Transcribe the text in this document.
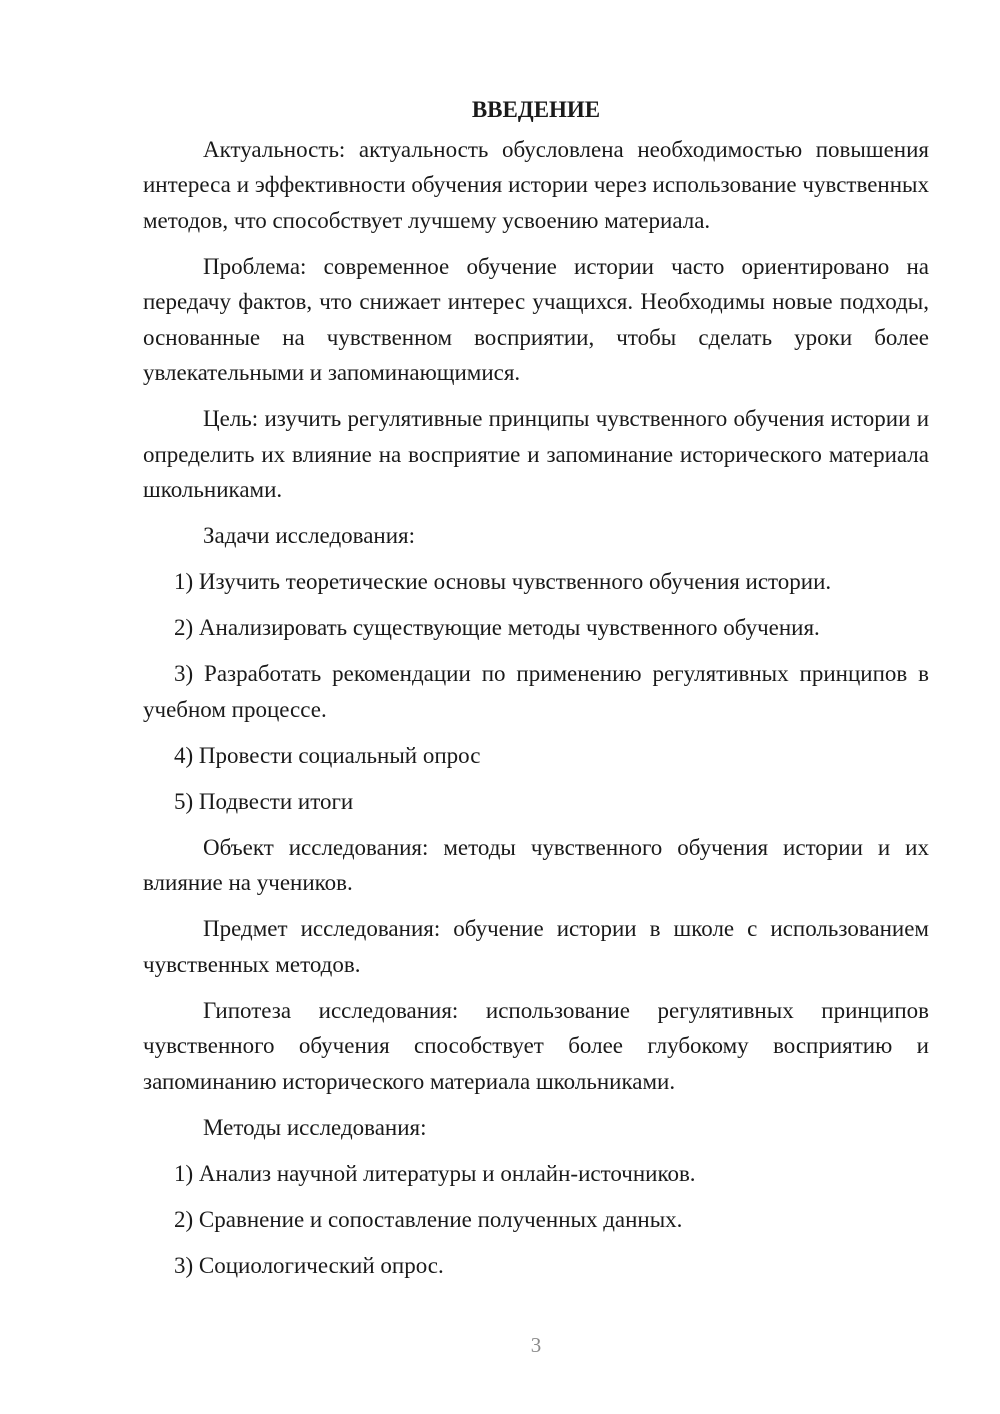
ВВЕДЕНИЕ

Актуальность: актуальность обусловлена необходимостью повышения интереса и эффективности обучения истории через использование чувственных методов, что способствует лучшему усвоению материала.

Проблема: современное обучение истории часто ориентировано на передачу фактов, что снижает интерес учащихся. Необходимы новые подходы, основанные на чувственном восприятии, чтобы сделать уроки более увлекательными и запоминающимися.

Цель: изучить регулятивные принципы чувственного обучения истории и определить их влияние на восприятие и запоминание исторического материала школьниками.

Задачи исследования:

1) Изучить теоретические основы чувственного обучения истории.

2) Анализировать существующие методы чувственного обучения.

3) Разработать рекомендации по применению регулятивных принципов в учебном процессе.

4) Провести социальный опрос

5) Подвести итоги

Объект исследования: методы чувственного обучения истории и их влияние на учеников.

Предмет исследования: обучение истории в школе с использованием чувственных методов.

Гипотеза исследования: использование регулятивных принципов чувственного обучения способствует более глубокому восприятию и запоминанию исторического материала школьниками.

Методы исследования:

1) Анализ научной литературы и онлайн-источников.

2) Сравнение и сопоставление полученных данных.

3) Социологический опрос.

3
